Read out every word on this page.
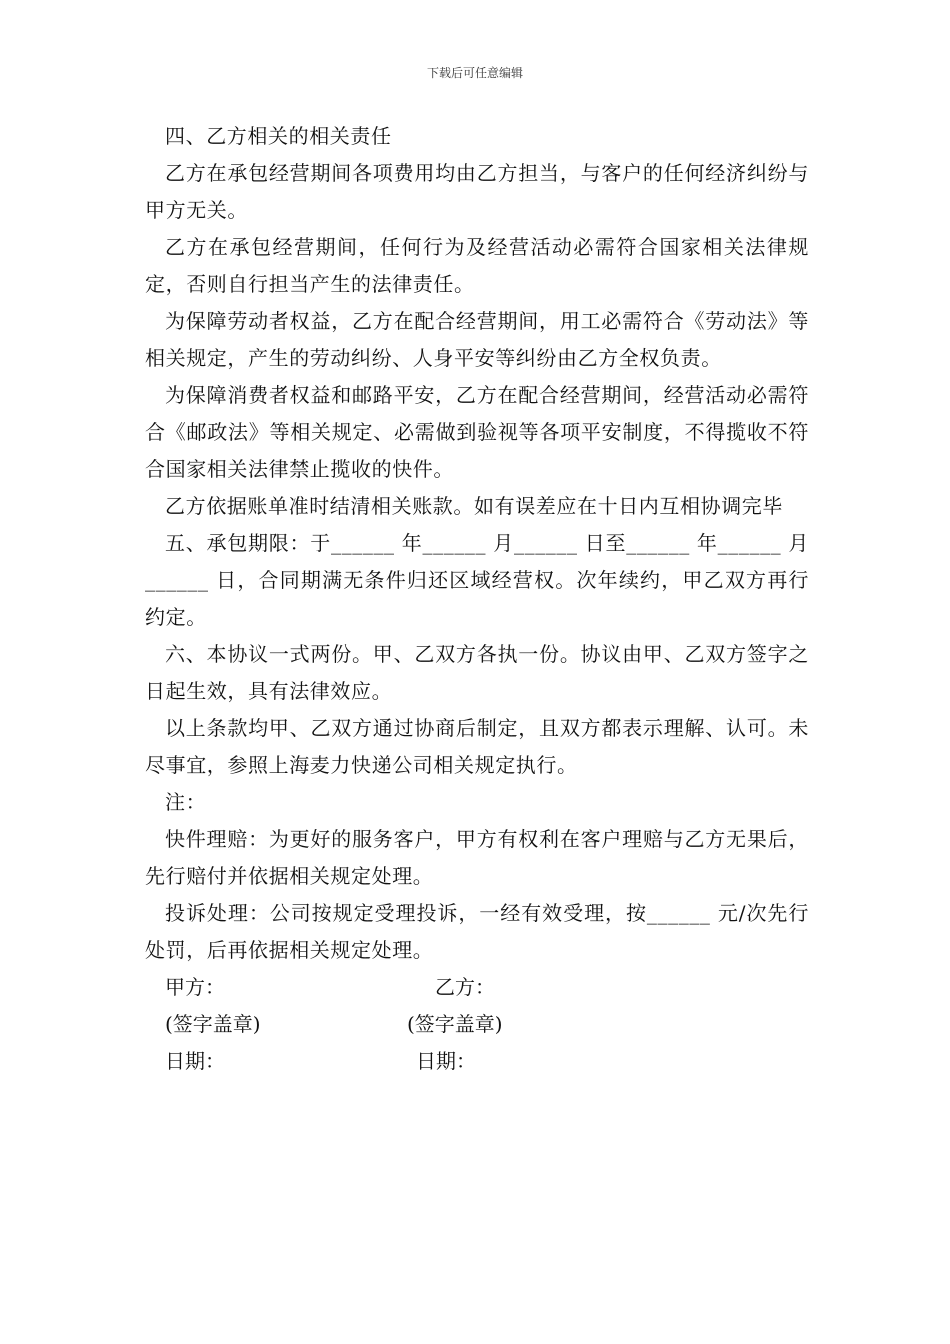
下载后可任意编辑

四、乙方相关的相关责任

乙方在承包经营期间各项费用均由乙方担当，与客户的任何经济纠纷与甲方无关。

乙方在承包经营期间，任何行为及经营活动必需符合国家相关法律规定，否则自行担当产生的法律责任。

为保障劳动者权益，乙方在配合经营期间，用工必需符合《劳动法》等相关规定，产生的劳动纠纷、人身平安等纠纷由乙方全权负责。

为保障消费者权益和邮路平安，乙方在配合经营期间，经营活动必需符合《邮政法》等相关规定、必需做到验视等各项平安制度，不得揽收不符合国家相关法律禁止揽收的快件。

乙方依据账单准时结清相关账款。如有误差应在十日内互相协调完毕

五、承包期限：于______ 年______ 月______ 日至______ 年______ 月______ 日，合同期满无条件归还区域经营权。次年续约，甲乙双方再行约定。

六、本协议一式两份。甲、乙双方各执一份。协议由甲、乙双方签字之日起生效，具有法律效应。

以上条款均甲、乙双方通过协商后制定，且双方都表示理解、认可。未尽事宜，参照上海麦力快递公司相关规定执行。

注：

快件理赔：为更好的服务客户，甲方有权利在客户理赔与乙方无果后，先行赔付并依据相关规定处理。

投诉处理：公司按规定受理投诉，一经有效受理，按______ 元/次先行处罚，后再依据相关规定处理。

甲方：	乙方：
(签字盖章)	(签字盖章)
日期：	日期：
